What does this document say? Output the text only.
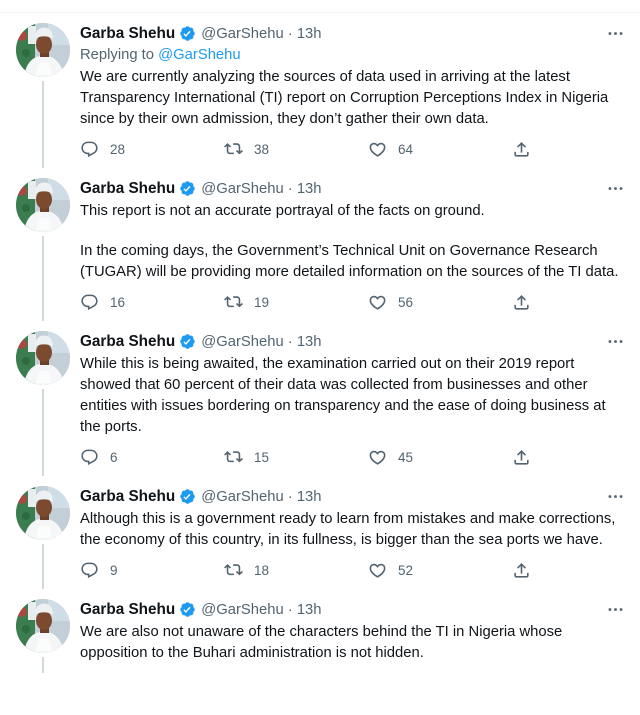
Garba Shehu @GarShehu · 13h
Replying to @GarShehu

We are currently analyzing the sources of data used in arriving at the latest Transparency International (TI) report on Corruption Perceptions Index in Nigeria since by their own admission, they don’t gather their own data.

28	38	64
Garba Shehu @GarShehu · 13h

This report is not an accurate portrayal of the facts on ground.

In the coming days, the Government’s Technical Unit on Governance Research (TUGAR) will be providing more detailed information on the sources of the TI data.

16	19	56
Garba Shehu @GarShehu · 13h

While this is being awaited, the examination carried out on their 2019 report showed that 60 percent of their data was collected from businesses and other entities with issues bordering on transparency and the ease of doing business at the ports.

6	15	45
Garba Shehu @GarShehu · 13h

Although this is a government ready to learn from mistakes and make corrections, the economy of this country, in its fullness, is bigger than the sea ports we have.

9	18	52
Garba Shehu @GarShehu · 13h

We are also not unaware of the characters behind the TI in Nigeria whose opposition to the Buhari administration is not hidden.
